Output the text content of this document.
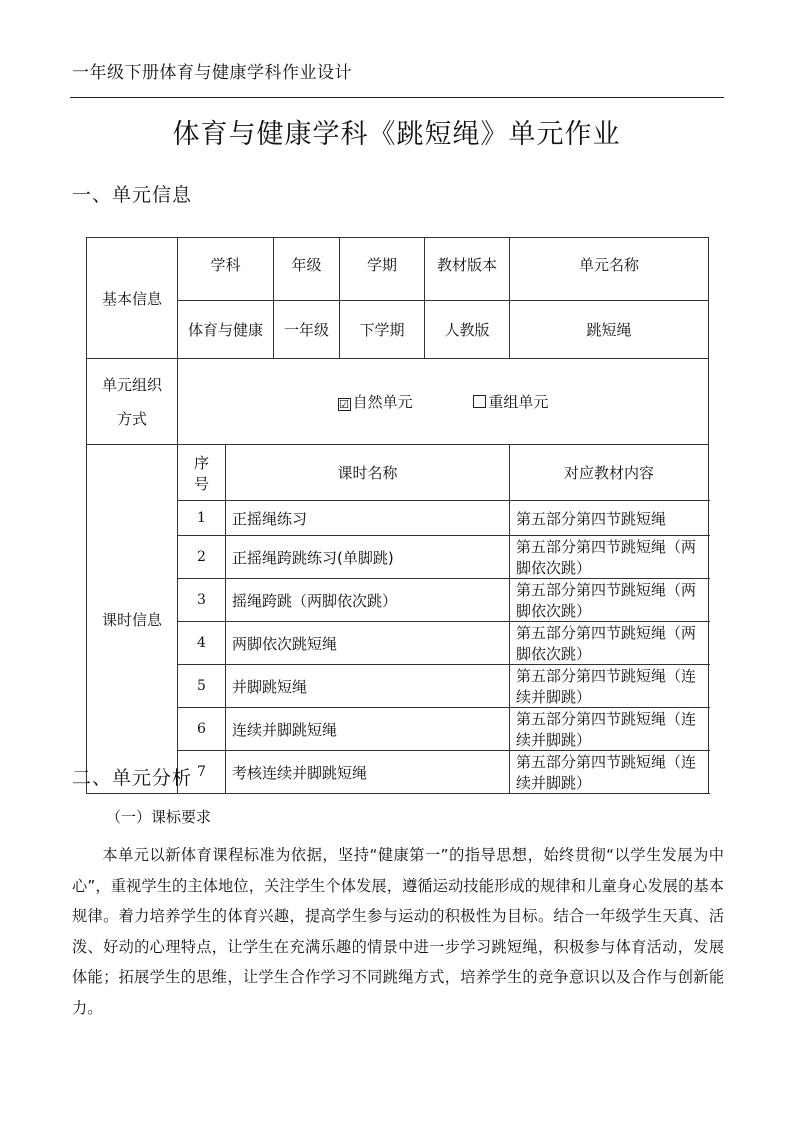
一年级下册体育与健康学科作业设计
体育与健康学科《跳短绳》单元作业
一、单元信息
基本信息	学科		年级	学期	教材版本	单元名称
	体育与健康		一年级	下学期	人教版	跳短绳

单元组织
方式	☑ 自然单元 重组单元					
课时信息	序
号	课时名称				对应教材内容
	1	正摇绳练习				第五部分第四节跳短绳
	2	正摇绳跨跳练习(单脚跳)				第五部分第四节跳短绳（两脚依次跳）
	3	摇绳跨跳（两脚依次跳）				第五部分第四节跳短绳（两脚依次跳）
	4	两脚依次跳短绳				第五部分第四节跳短绳（两脚依次跳）
	5	并脚跳短绳				第五部分第四节跳短绳（连续并脚跳）
	6	连续并脚跳短绳				第五部分第四节跳短绳（连续并脚跳）
	7	考核连续并脚跳短绳				第五部分第四节跳短绳（连续并脚跳）
二、单元分析
（一）课标要求

本单元以新体育课程标准为依据，坚持“健康第一”的指导思想，始终贯彻“以学生发展为中心”，重视学生的主体地位，关注学生个体发展，遵循运动技能形成的规律和儿童身心发展的基本规律。着力培养学生的体育兴趣，提高学生参与运动的积极性为目标。结合一年级学生天真、活泼、好动的心理特点，让学生在充满乐趣的情景中进一步学习跳短绳，积极参与体育活动，发展体能；拓展学生的思维，让学生合作学习不同跳绳方式，培养学生的竞争意识以及合作与创新能力。
